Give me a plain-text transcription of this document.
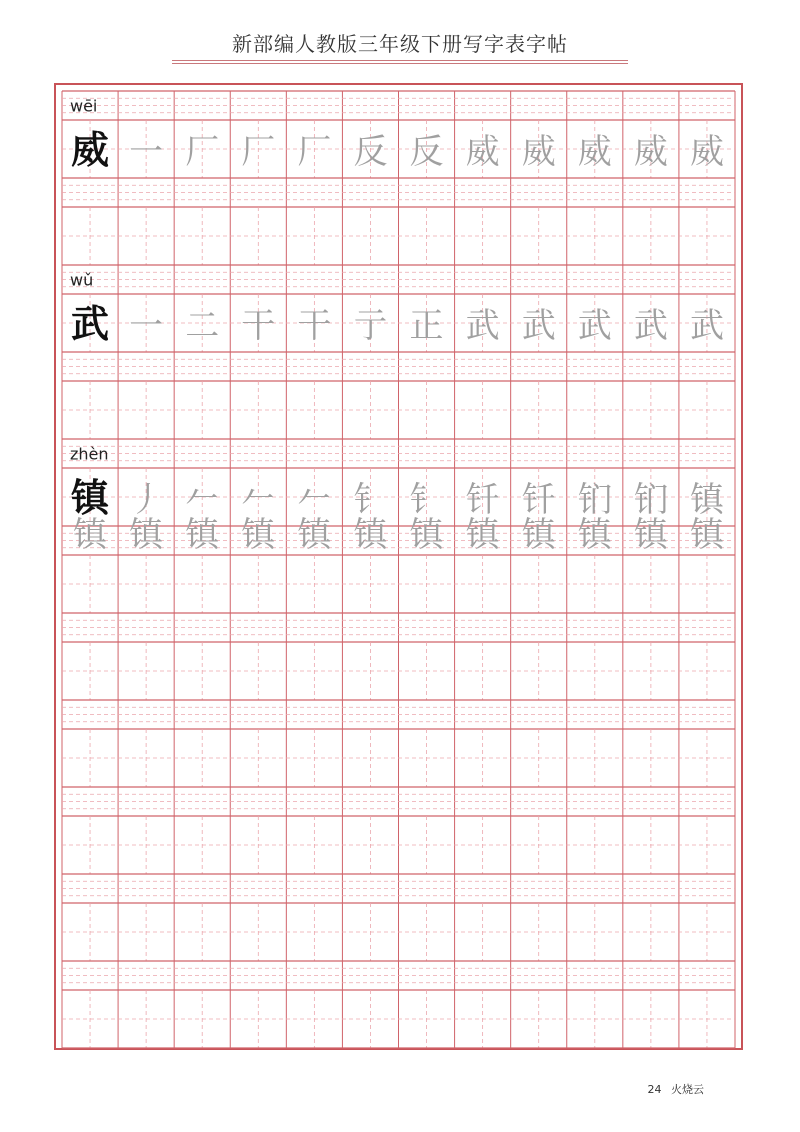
新部编人教版三年级下册写字表字帖
wēi
威 一 厂 厂 厂 反 反 威 威 威 威 威
wǔ
武 一 二 干 干 亍 正 武 武 武 武 武
zhèn
镇 丿 𠂉 𠂉 𠂉 钅 钅 钎 钎 钔 钔 镇
镇 镇 镇 镇 镇 镇 镇 镇 镇 镇 镇 镇
24 火烧云
